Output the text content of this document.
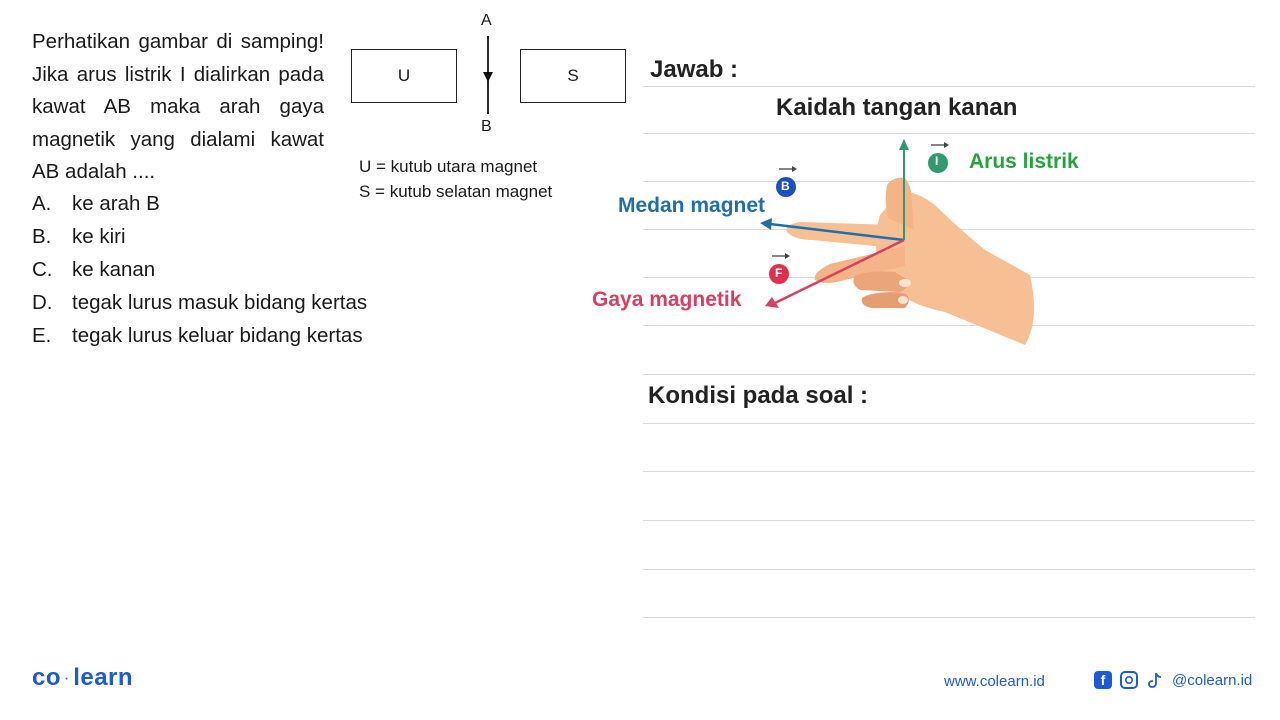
Perhatikan gambar di samping! Jika arus listrik I dialirkan pada kawat AB maka arah gaya magnetik yang dialami kawat AB adalah ....
A.	ke arah B
B.	ke kiri
C. ke kanan
D. tegak lurus masuk bidang kertas
E.	tegak lurus keluar bidang kertas
U	S
A
B
U = kutub utara magnet
S = kutub selatan magnet
Jawab :
Kaidah tangan kanan
I
B
F
Arus listrik
Medan magnet
Gaya magnetik
Kondisi pada soal :
co · learn	www.colearn.id	f	@colearn.id
